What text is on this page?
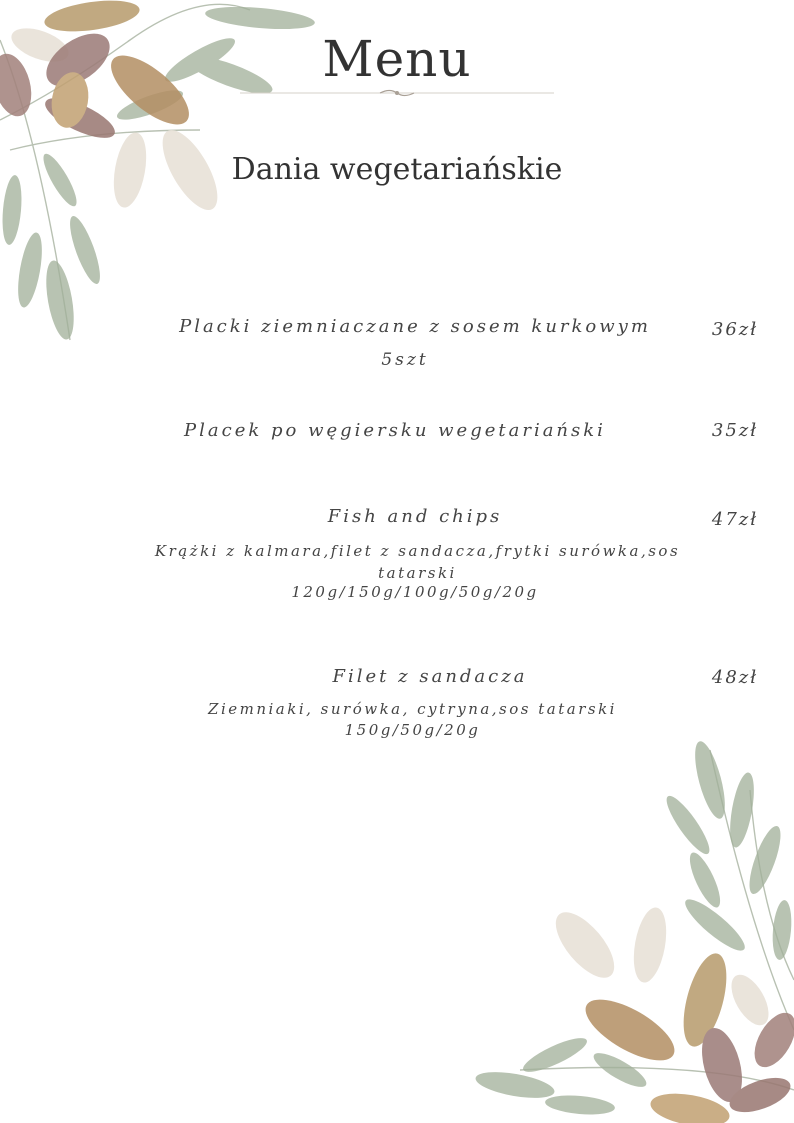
Menu
Dania wegetariańskie
Placki ziemniaczane z sosem kurkowym
5szt
36zł
Placek po węgiersku wegetariański	35zł
Fish and chips
Krążki z kalmara,filet z sandacza,frytki surówka,sos tatarski
120g/150g/100g/50g/20g
47zł
Filet z sandacza
Ziemniaki, surówka, cytryna,sos tatarski
150g/50g/20g
48zł
